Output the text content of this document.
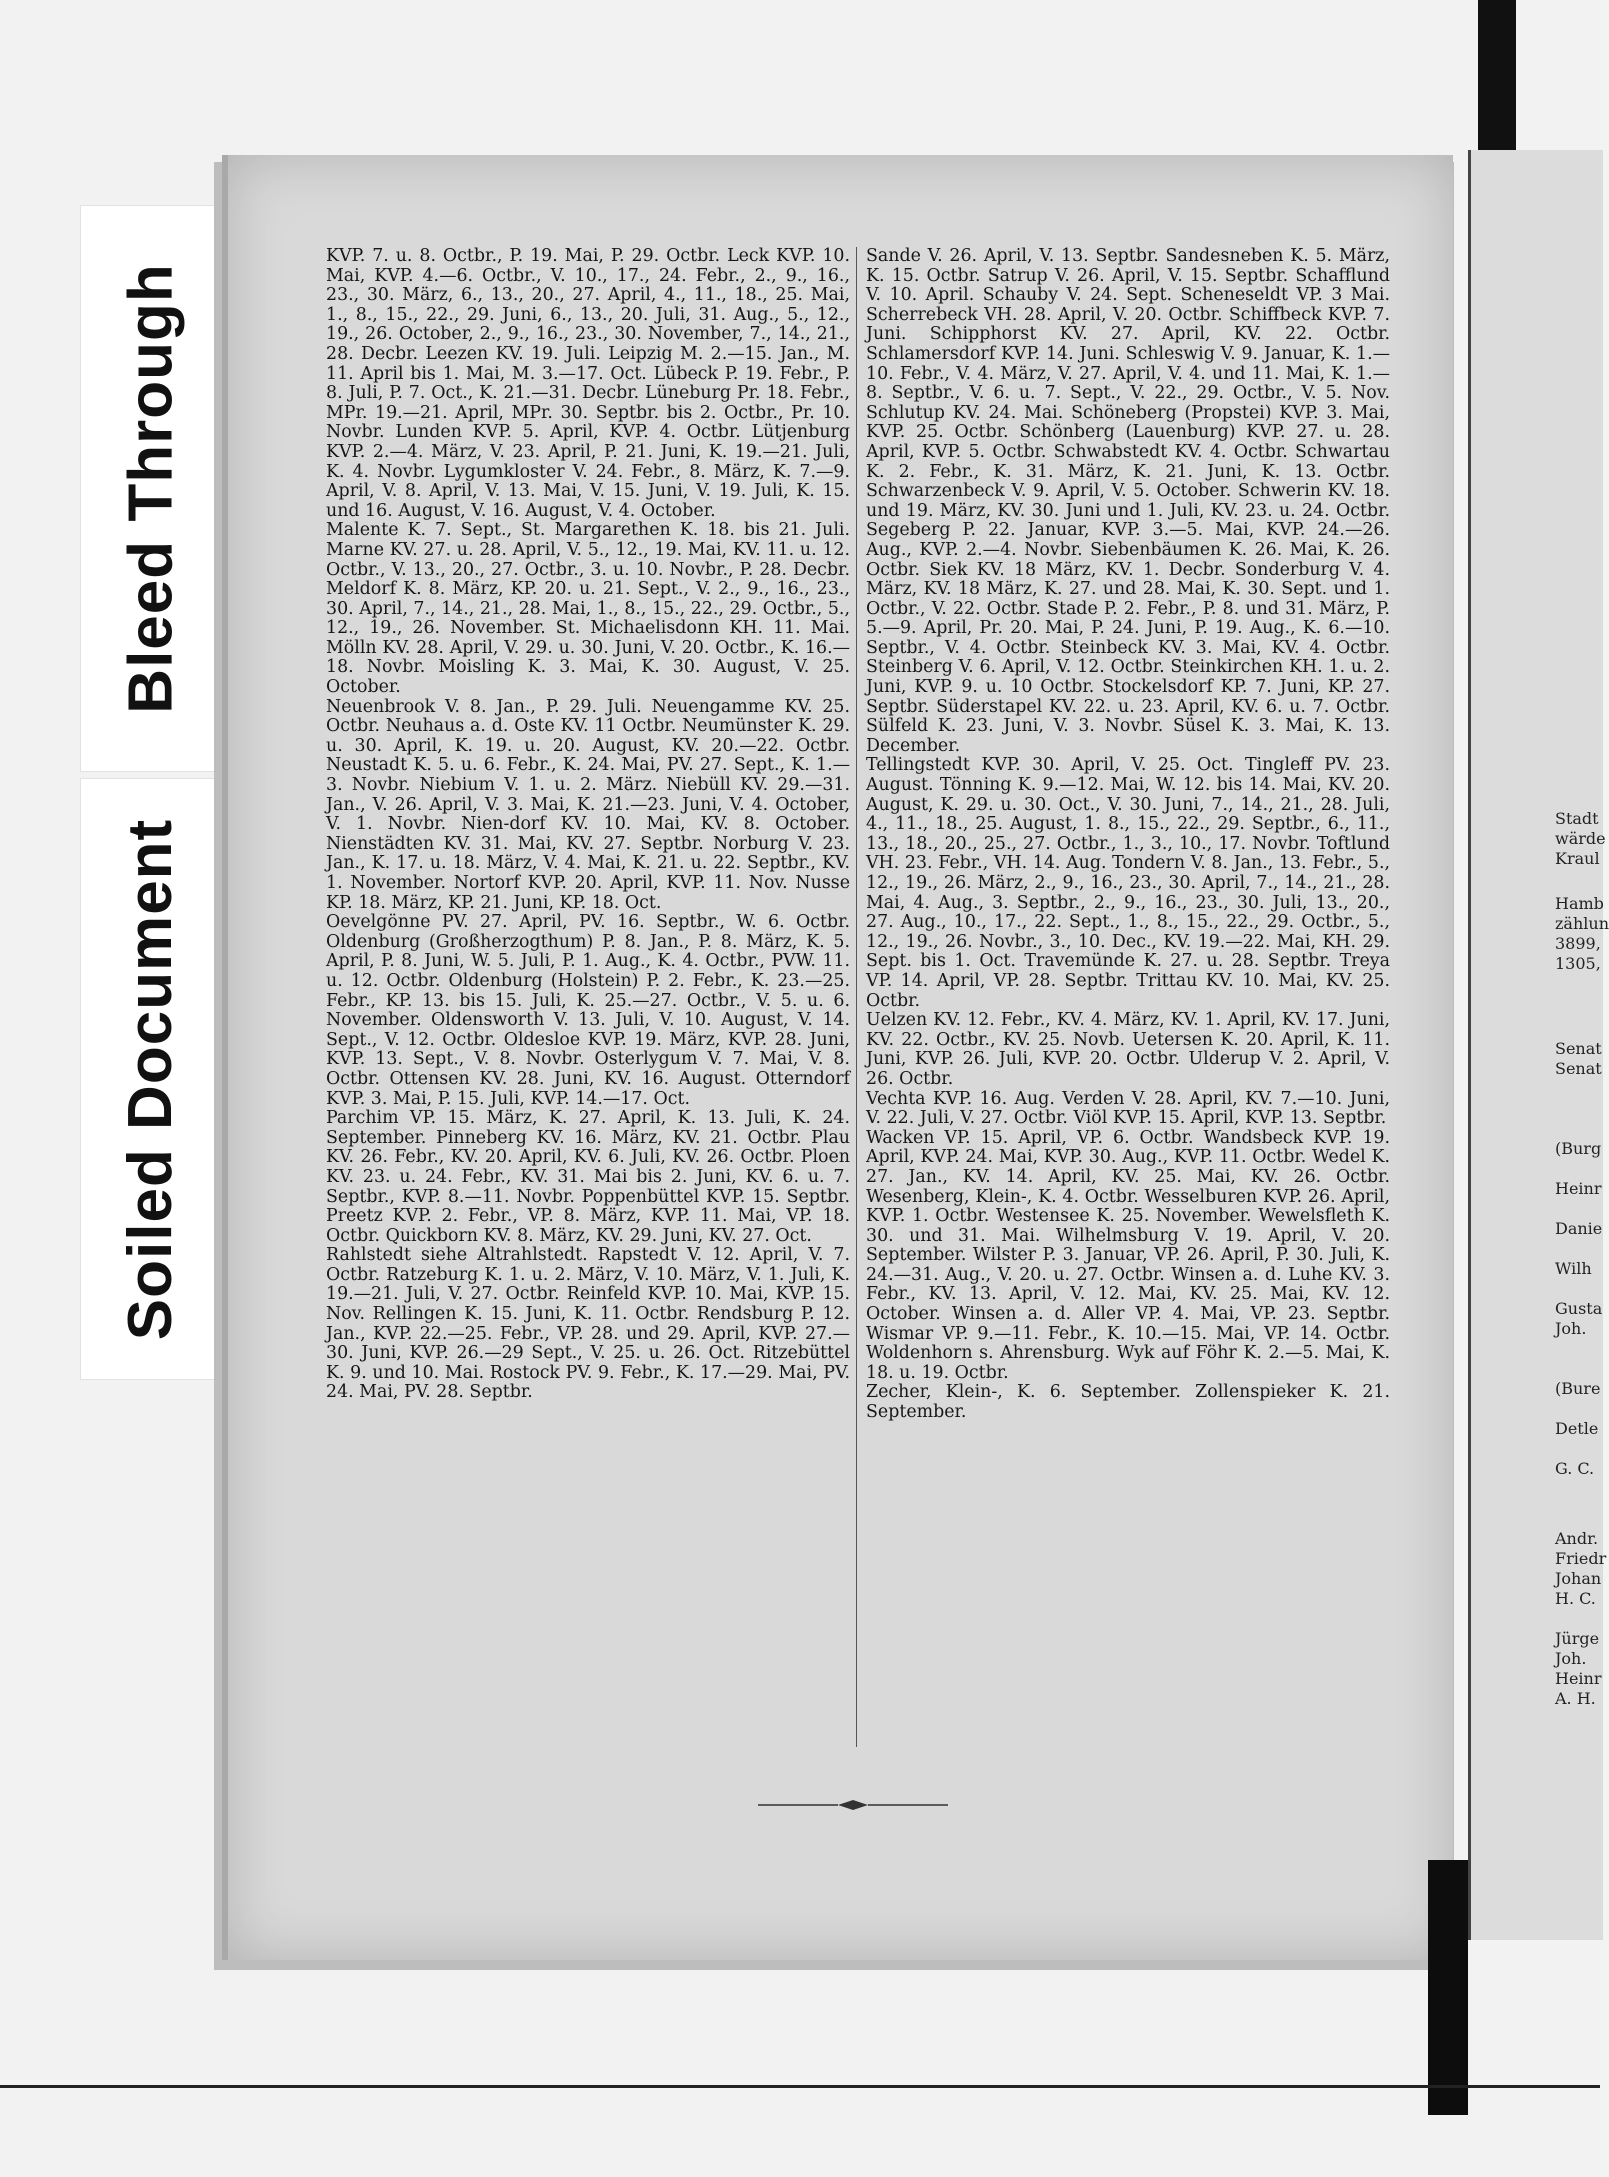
Bleed Through
Soiled Document

KVP. 7. u. 8. Octbr., P. 19. Mai, P. 29. Octbr. Leck KVP. 10. Mai, KVP. 4.—6. Octbr., V. 10., 17., 24. Febr., 2., 9., 16., 23., 30. März, 6., 13., 20., 27. April, 4., 11., 18., 25. Mai, 1., 8., 15., 22., 29. Juni, 6., 13., 20. Juli, 31. Aug., 5., 12., 19., 26. October, 2., 9., 16., 23., 30. November, 7., 14., 21., 28. Decbr. Leezen KV. 19. Juli. Leipzig M. 2.—15. Jan., M. 11. April bis 1. Mai, M. 3.—17. Oct. Lübeck P. 19. Febr., P. 8. Juli, P. 7. Oct., K. 21.—31. Decbr. Lüneburg Pr. 18. Febr., MPr. 19.—21. April, MPr. 30. Septbr. bis 2. Octbr., Pr. 10. Novbr. Lunden KVP. 5. April, KVP. 4. Octbr. Lütjenburg KVP. 2.—4. März, V. 23. April, P. 21. Juni, K. 19.—21. Juli, K. 4. Novbr. Lygumkloster V. 24. Febr., 8. März, K. 7.—9. April, V. 8. April, V. 13. Mai, V. 15. Juni, V. 19. Juli, K. 15. und 16. August, V. 16. August, V. 4. October.

Malente K. 7. Sept., St. Margarethen K. 18. bis 21. Juli. Marne KV. 27. u. 28. April, V. 5., 12., 19. Mai, KV. 11. u. 12. Octbr., V. 13., 20., 27. Octbr., 3. u. 10. Novbr., P. 28. Decbr. Meldorf K. 8. März, KP. 20. u. 21. Sept., V. 2., 9., 16., 23., 30. April, 7., 14., 21., 28. Mai, 1., 8., 15., 22., 29. Octbr., 5., 12., 19., 26. November. St. Michaelisdonn KH. 11. Mai. Mölln KV. 28. April, V. 29. u. 30. Juni, V. 20. Octbr., K. 16.—18. Novbr. Moisling K. 3. Mai, K. 30. August, V. 25. October.

Neuenbrook V. 8. Jan., P. 29. Juli. Neuengamme KV. 25. Octbr. Neuhaus a. d. Oste KV. 11 Octbr. Neumünster K. 29. u. 30. April, K. 19. u. 20. August, KV. 20.—22. Octbr. Neustadt K. 5. u. 6. Febr., K. 24. Mai, PV. 27. Sept., K. 1.—3. Novbr. Niebium V. 1. u. 2. März. Niebüll KV. 29.—31. Jan., V. 26. April, V. 3. Mai, K. 21.—23. Juni, V. 4. October, V. 1. Novbr. Nien-dorf KV. 10. Mai, KV. 8. October. Nienstädten KV. 31. Mai, KV. 27. Septbr. Norburg V. 23. Jan., K. 17. u. 18. März, V. 4. Mai, K. 21. u. 22. Septbr., KV. 1. November. Nortorf KVP. 20. April, KVP. 11. Nov. Nusse KP. 18. März, KP. 21. Juni, KP. 18. Oct.

Oevelgönne PV. 27. April, PV. 16. Septbr., W. 6. Octbr. Oldenburg (Großherzogthum) P. 8. Jan., P. 8. März, K. 5. April, P. 8. Juni, W. 5. Juli, P. 1. Aug., K. 4. Octbr., PVW. 11. u. 12. Octbr. Oldenburg (Holstein) P. 2. Febr., K. 23.—25. Febr., KP. 13. bis 15. Juli, K. 25.—27. Octbr., V. 5. u. 6. November. Oldensworth V. 13. Juli, V. 10. August, V. 14. Sept., V. 12. Octbr. Oldesloe KVP. 19. März, KVP. 28. Juni, KVP. 13. Sept., V. 8. Novbr. Osterlygum V. 7. Mai, V. 8. Octbr. Ottensen KV. 28. Juni, KV. 16. August. Otterndorf KVP. 3. Mai, P. 15. Juli, KVP. 14.—17. Oct.

Parchim VP. 15. März, K. 27. April, K. 13. Juli, K. 24. September. Pinneberg KV. 16. März, KV. 21. Octbr. Plau KV. 26. Febr., KV. 20. April, KV. 6. Juli, KV. 26. Octbr. Ploen KV. 23. u. 24. Febr., KV. 31. Mai bis 2. Juni, KV. 6. u. 7. Septbr., KVP. 8.—11. Novbr. Poppenbüttel KVP. 15. Septbr. Preetz KVP. 2. Febr., VP. 8. März, KVP. 11. Mai, VP. 18. Octbr. Quickborn KV. 8. März, KV. 29. Juni, KV. 27. Oct.

Rahlstedt siehe Altrahlstedt. Rapstedt V. 12. April, V. 7. Octbr. Ratzeburg K. 1. u. 2. März, V. 10. März, V. 1. Juli, K. 19.—21. Juli, V. 27. Octbr. Reinfeld KVP. 10. Mai, KVP. 15. Nov. Rellingen K. 15. Juni, K. 11. Octbr. Rendsburg P. 12. Jan., KVP. 22.—25. Febr., VP. 28. und 29. April, KVP. 27.—30. Juni, KVP. 26.—29 Sept., V. 25. u. 26. Oct. Ritzebüttel K. 9. und 10. Mai. Rostock PV. 9. Febr., K. 17.—29. Mai, PV. 24. Mai, PV. 28. Septbr.

Sande V. 26. April, V. 13. Septbr. Sandesneben K. 5. März, K. 15. Octbr. Satrup V. 26. April, V. 15. Septbr. Schafflund V. 10. April. Schauby V. 24. Sept. Scheneseldt VP. 3 Mai. Scherrebeck VH. 28. April, V. 20. Octbr. Schiffbeck KVP. 7. Juni. Schipphorst KV. 27. April, KV. 22. Octbr. Schlamersdorf KVP. 14. Juni. Schleswig V. 9. Januar, K. 1.—10. Febr., V. 4. März, V. 27. April, V. 4. und 11. Mai, K. 1.—8. Septbr., V. 6. u. 7. Sept., V. 22., 29. Octbr., V. 5. Nov. Schlutup KV. 24. Mai. Schöneberg (Propstei) KVP. 3. Mai, KVP. 25. Octbr. Schönberg (Lauenburg) KVP. 27. u. 28. April, KVP. 5. Octbr. Schwabstedt KV. 4. Octbr. Schwartau K. 2. Febr., K. 31. März, K. 21. Juni, K. 13. Octbr. Schwarzenbeck V. 9. April, V. 5. October. Schwerin KV. 18. und 19. März, KV. 30. Juni und 1. Juli, KV. 23. u. 24. Octbr. Segeberg P. 22. Januar, KVP. 3.—5. Mai, KVP. 24.—26. Aug., KVP. 2.—4. Novbr. Siebenbäumen K. 26. Mai, K. 26. Octbr. Siek KV. 18 März, KV. 1. Decbr. Sonderburg V. 4. März, KV. 18 März, K. 27. und 28. Mai, K. 30. Sept. und 1. Octbr., V. 22. Octbr. Stade P. 2. Febr., P. 8. und 31. März, P. 5.—9. April, Pr. 20. Mai, P. 24. Juni, P. 19. Aug., K. 6.—10. Septbr., V. 4. Octbr. Steinbeck KV. 3. Mai, KV. 4. Octbr. Steinberg V. 6. April, V. 12. Octbr. Steinkirchen KH. 1. u. 2. Juni, KVP. 9. u. 10 Octbr. Stockelsdorf KP. 7. Juni, KP. 27. Septbr. Süderstapel KV. 22. u. 23. April, KV. 6. u. 7. Octbr. Sülfeld K. 23. Juni, V. 3. Novbr. Süsel K. 3. Mai, K. 13. December.

Tellingstedt KVP. 30. April, V. 25. Oct. Tingleff PV. 23. August. Tönning K. 9.—12. Mai, W. 12. bis 14. Mai, KV. 20. August, K. 29. u. 30. Oct., V. 30. Juni, 7., 14., 21., 28. Juli, 4., 11., 18., 25. August, 1. 8., 15., 22., 29. Septbr., 6., 11., 13., 18., 20., 25., 27. Octbr., 1., 3., 10., 17. Novbr. Toftlund VH. 23. Febr., VH. 14. Aug. Tondern V. 8. Jan., 13. Febr., 5., 12., 19., 26. März, 2., 9., 16., 23., 30. April, 7., 14., 21., 28. Mai, 4. Aug., 3. Septbr., 2., 9., 16., 23., 30. Juli, 13., 20., 27. Aug., 10., 17., 22. Sept., 1., 8., 15., 22., 29. Octbr., 5., 12., 19., 26. Novbr., 3., 10. Dec., KV. 19.—22. Mai, KH. 29. Sept. bis 1. Oct. Travemünde K. 27. u. 28. Septbr. Treya VP. 14. April, VP. 28. Septbr. Trittau KV. 10. Mai, KV. 25. Octbr.

Uelzen KV. 12. Febr., KV. 4. März, KV. 1. April, KV. 17. Juni, KV. 22. Octbr., KV. 25. Novb. Uetersen K. 20. April, K. 11. Juni, KVP. 26. Juli, KVP. 20. Octbr. Ulderup V. 2. April, V. 26. Octbr.

Vechta KVP. 16. Aug. Verden V. 28. April, KV. 7.—10. Juni, V. 22. Juli, V. 27. Octbr. Viöl KVP. 15. April, KVP. 13. Septbr.

Wacken VP. 15. April, VP. 6. Octbr. Wandsbeck KVP. 19. April, KVP. 24. Mai, KVP. 30. Aug., KVP. 11. Octbr. Wedel K. 27. Jan., KV. 14. April, KV. 25. Mai, KV. 26. Octbr. Wesenberg, Klein-, K. 4. Octbr. Wesselburen KVP. 26. April, KVP. 1. Octbr. Westensee K. 25. November. Wewelsfleth K. 30. und 31. Mai. Wilhelmsburg V. 19. April, V. 20. September. Wilster P. 3. Januar, VP. 26. April, P. 30. Juli, K. 24.—31. Aug., V. 20. u. 27. Octbr. Winsen a. d. Luhe KV. 3. Febr., KV. 13. April, V. 12. Mai, KV. 25. Mai, KV. 12. October. Winsen a. d. Aller VP. 4. Mai, VP. 23. Septbr. Wismar VP. 9.—11. Febr., K. 10.—15. Mai, VP. 14. Octbr. Woldenhorn s. Ahrensburg. Wyk auf Föhr K. 2.—5. Mai, K. 18. u. 19. Octbr.

Zecher, Klein-, K. 6. September. Zollenspieker K. 21. September.

Stadt
wärde
Kraul
Hamb
zählun
3899,
1305,
Senat
Senat
(Burg
Heinr
Danie
Wilh
Gusta
Joh.
(Bure
Detle
G. C.
Andr.
Friedr
Johan
H. C.
Jürge
Joh.
Heinr
A. H.
